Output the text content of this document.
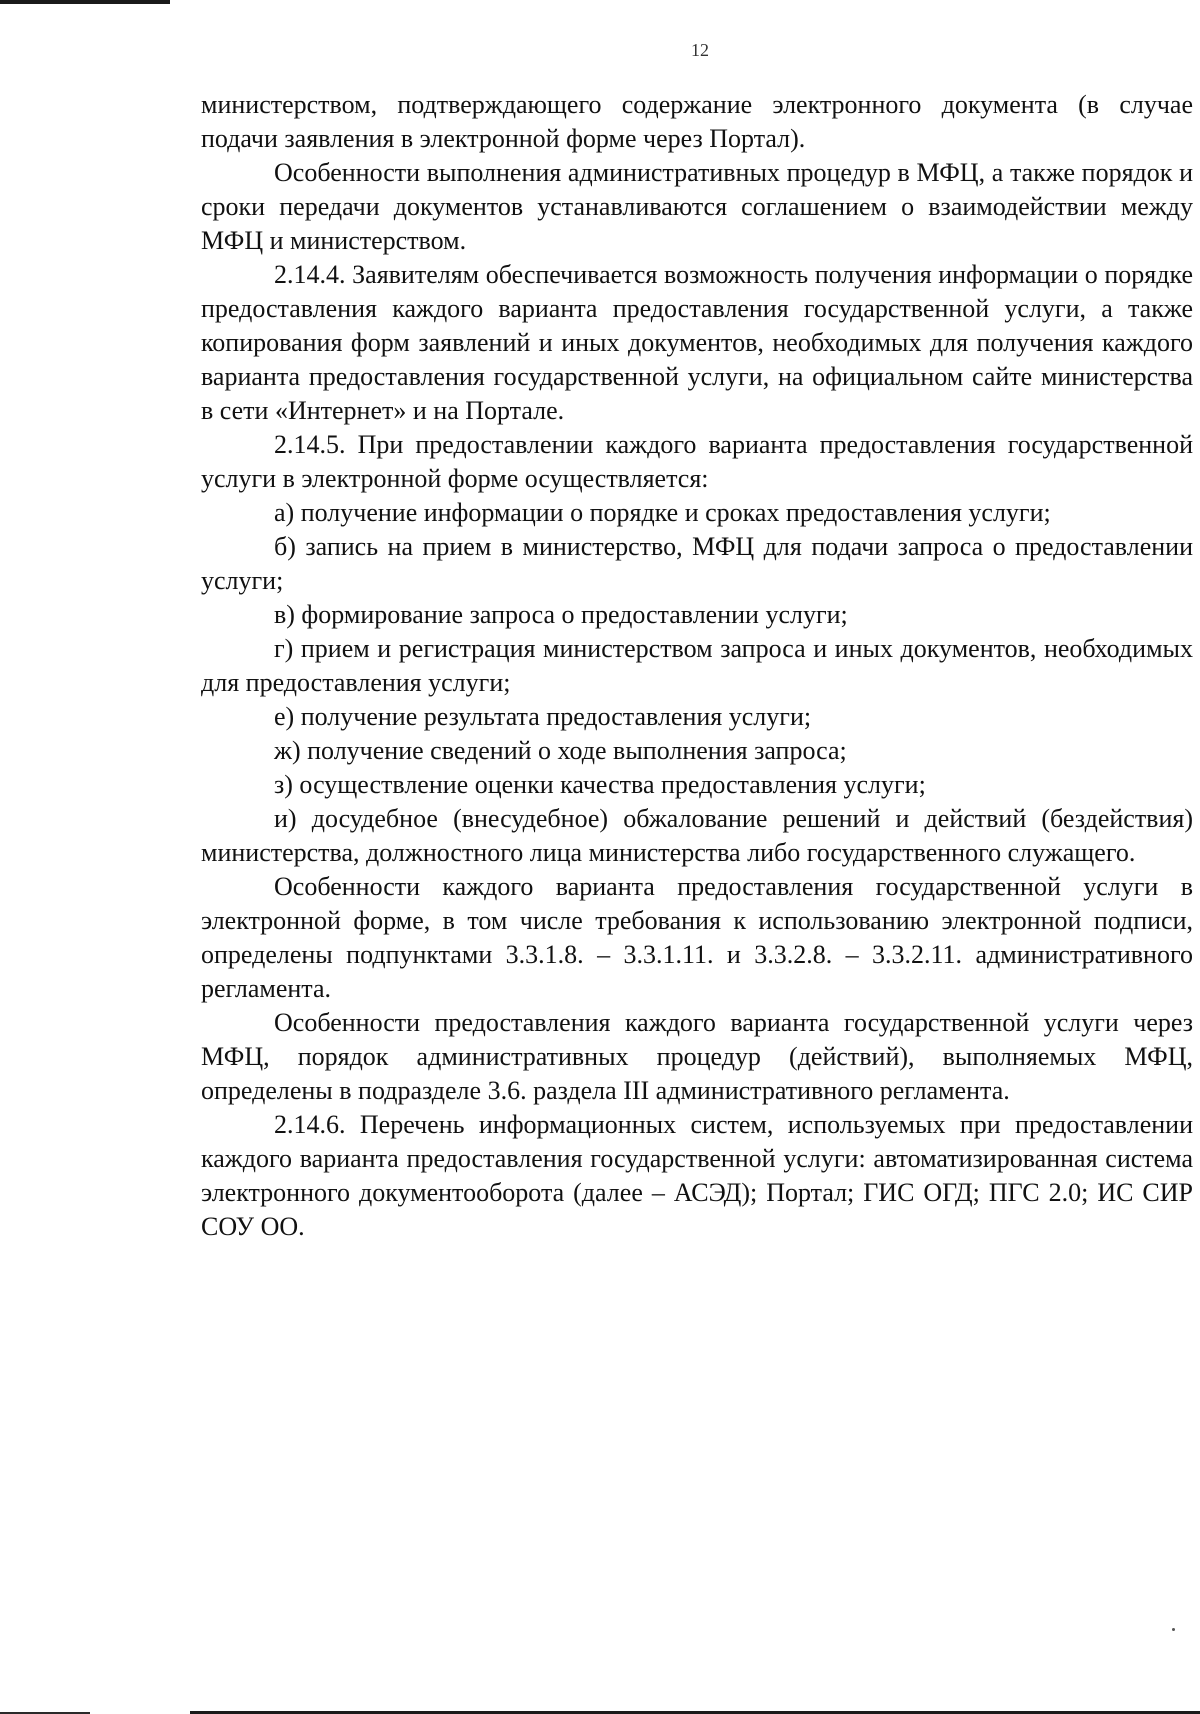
12

министерством, подтверждающего содержание электронного документа (в случае подачи заявления в электронной форме через Портал).

Особенности выполнения административных процедур в МФЦ, а также порядок и сроки передачи документов устанавливаются соглашением о взаимодействии между МФЦ и министерством.

2.14.4. Заявителям обеспечивается возможность получения информации о порядке предоставления каждого варианта предоставления государственной услуги, а также копирования форм заявлений и иных документов, необходимых для получения каждого варианта предоставления государственной услуги, на официальном сайте министерства в сети «Интернет» и на Портале.

2.14.5. При предоставлении каждого варианта предоставления государственной услуги в электронной форме осуществляется:

а) получение информации о порядке и сроках предоставления услуги;

б) запись на прием в министерство, МФЦ для подачи запроса о предоставлении услуги;

в) формирование запроса о предоставлении услуги;

г) прием и регистрация министерством запроса и иных документов, необходимых для предоставления услуги;

е) получение результата предоставления услуги;

ж) получение сведений о ходе выполнения запроса;

з) осуществление оценки качества предоставления услуги;

и) досудебное (внесудебное) обжалование решений и действий (бездействия) министерства, должностного лица министерства либо государственного служащего.

Особенности каждого варианта предоставления государственной услуги в электронной форме, в том числе требования к использованию электронной подписи, определены подпунктами 3.3.1.8. – 3.3.1.11. и 3.3.2.8. – 3.3.2.11. административного регламента.

Особенности предоставления каждого варианта государственной услуги через МФЦ, порядок административных процедур (действий), выполняемых МФЦ, определены в подразделе 3.6. раздела III административного регламента.

2.14.6. Перечень информационных систем, используемых при предоставлении каждого варианта предоставления государственной услуги: автоматизированная система электронного документооборота (далее – АСЭД); Портал; ГИС ОГД; ПГС 2.0; ИС СИР СОУ ОО.
